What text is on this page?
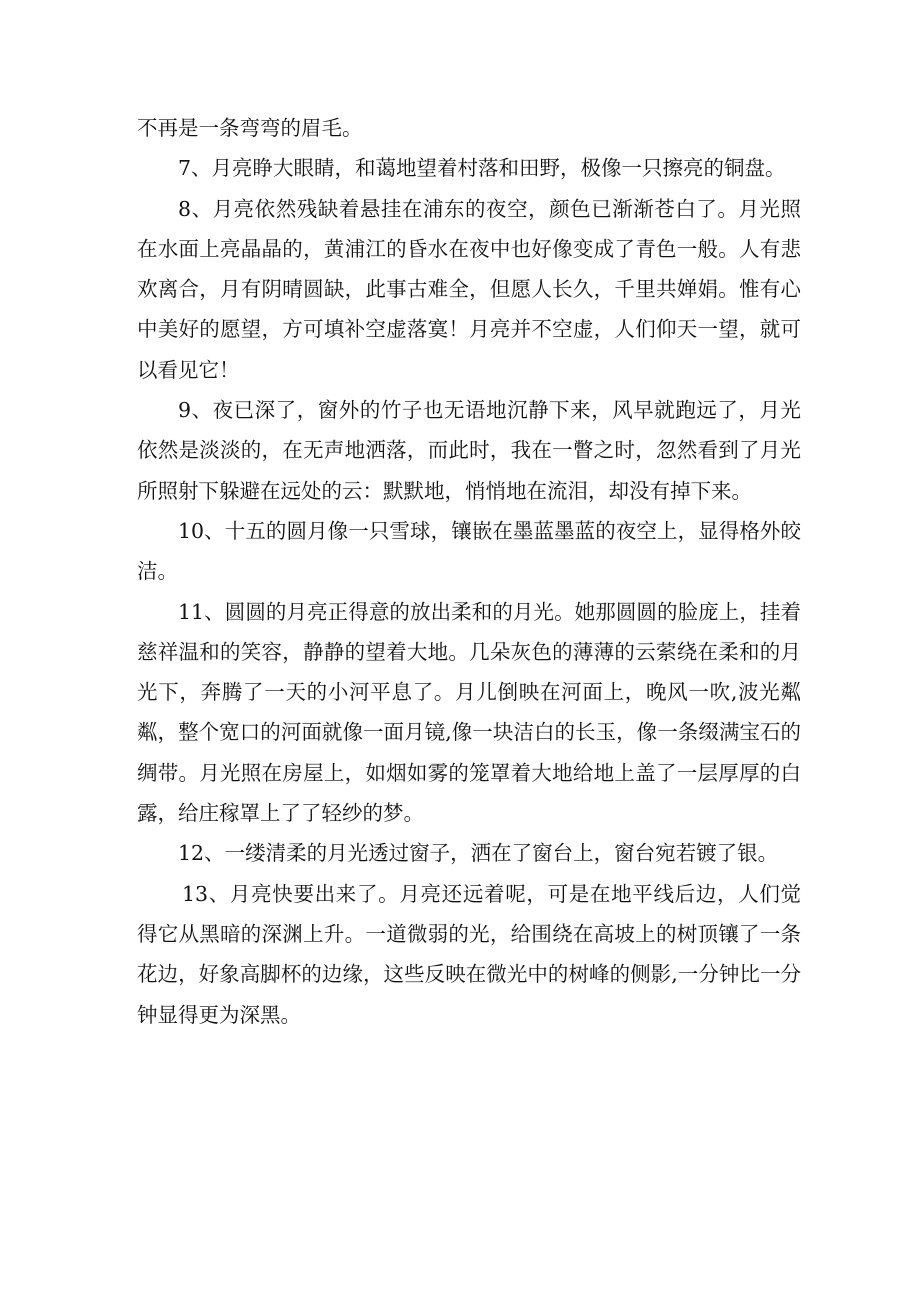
不再是一条弯弯的眉毛。

7、月亮睁大眼睛，和蔼地望着村落和田野，极像一只擦亮的铜盘。

8、月亮依然残缺着悬挂在浦东的夜空，颜色已渐渐苍白了。月光照在水面上亮晶晶的，黄浦江的昏水在夜中也好像变成了青色一般。人有悲欢离合，月有阴晴圆缺，此事古难全，但愿人长久，千里共婵娟。惟有心中美好的愿望，方可填补空虚落寞！月亮并不空虚，人们仰天一望，就可以看见它！

9、夜已深了，窗外的竹子也无语地沉静下来，风早就跑远了，月光依然是淡淡的，在无声地洒落，而此时，我在一瞥之时，忽然看到了月光所照射下躲避在远处的云：默默地，悄悄地在流泪，却没有掉下来。

10、十五的圆月像一只雪球，镶嵌在墨蓝墨蓝的夜空上，显得格外皎洁。

11、圆圆的月亮正得意的放出柔和的月光。她那圆圆的脸庞上，挂着慈祥温和的笑容，静静的望着大地。几朵灰色的薄薄的云萦绕在柔和的月光下，奔腾了一天的小河平息了。月儿倒映在河面上，晚风一吹,波光粼粼，整个宽口的河面就像一面月镜,像一块洁白的长玉，像一条缀满宝石的绸带。月光照在房屋上，如烟如雾的笼罩着大地给地上盖了一层厚厚的白露，给庄稼罩上了了轻纱的梦。

12、一缕清柔的月光透过窗子，洒在了窗台上，窗台宛若镀了银。

13、月亮快要出来了。月亮还远着呢，可是在地平线后边，人们觉得它从黑暗的深渊上升。一道微弱的光，给围绕在高坡上的树顶镶了一条花边，好象高脚杯的边缘，这些反映在微光中的树峰的侧影,一分钟比一分钟显得更为深黑。
